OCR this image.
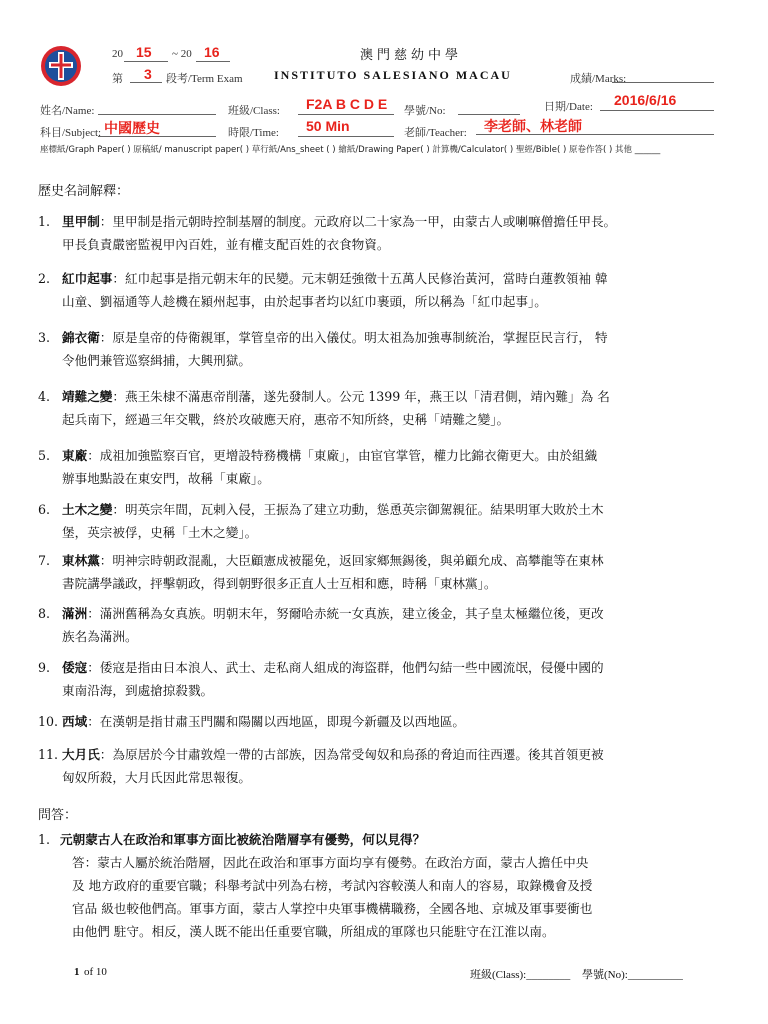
20 15 ~ 20 16	澳門慈幼中學
第 3 段考/Term Exam	INSTITUTO SALESIANO MACAU	成績/Marks:
姓名/Name:	班級/Class: F2A B C D E 學號/No:	日期/Date: 2016/6/16
科目/Subject: 中國歷史	時限/Time: 50 Min	老師/Teacher: 李老師、林老師
座標紙/Graph Paper( ) 原稿紙/ manuscript paper( ) 草行紙/Ans_sheet ( ) 繪紙/Drawing Paper( ) 計算機/Calculator( ) 聖經/Bible( ) 原卷作答( ) 其他 ______
歷史名詞解釋：
1. 里甲制：里甲制是指元朝時控制基層的制度。元政府以二十家為一甲，由蒙古人或喇嘛僧擔任甲長。

甲長負責嚴密監視甲內百姓，並有權支配百姓的衣食物資。

2. 紅巾起事：紅巾起事是指元朝末年的民變。元末朝廷強徵十五萬人民修治黃河，當時白蓮教領袖 韓

山童、劉福通等人趁機在潁州起事，由於起事者均以紅巾裹頭，所以稱為「紅巾起事」。

3. 錦衣衛：原是皇帝的侍衛親軍，掌管皇帝的出入儀仗。明太祖為加強專制統治，掌握臣民言行， 特

令他們兼管巡察緝捕，大興刑獄。

4. 靖難之變：燕王朱棣不滿惠帝削藩，遂先發制人。公元 1399 年，燕王以「清君側，靖內難」為 名

起兵南下，經過三年交戰，終於攻破應天府，惠帝不知所終，史稱「靖難之變」。

5. 東廠：成祖加強監察百官，更增設特務機構「東廠」，由宦官掌管，權力比錦衣衛更大。由於組織

辦事地點設在東安門，故稱「東廠」。

6. 土木之變：明英宗年間，瓦剌入侵，王振為了建立功動，慫恿英宗御駕親征。結果明軍大敗於土木

堡，英宗被俘，史稱「土木之變」。

7. 東林黨：明神宗時朝政混亂，大臣顧憲成被罷免，返回家鄉無錫後，與弟顧允成、高攀龍等在東林

書院講學議政，抨擊朝政，得到朝野很多正直人士互相和應，時稱「東林黨」。

8. 滿洲：滿洲舊稱為女真族。明朝末年，努爾哈赤統一女真族，建立後金，其子皇太極繼位後，更改

族名為滿洲。

9. 倭寇：倭寇是指由日本浪人、武士、走私商人組成的海盜群，他們勾結一些中國流氓，侵優中國的

東南沿海，到處搶掠殺戮。

10. 西域：在漢朝是指甘肅玉門關和陽關以西地區，即現今新疆及以西地區。

11. 大月氏：為原居於今甘肅敦煌一帶的古部族，因為常受匈奴和烏孫的脅迫而往西遷。後其首領更被

匈奴所殺，大月氏因此常思報復。

問答：
1. 元朝蒙古人在政治和軍事方面比被統治階層享有優勢，何以見得？
答：蒙古人屬於統治階層，因此在政治和軍事方面均享有優勢。在政治方面，蒙古人擔任中央
及 地方政府的重要官職；科舉考試中列為右榜，考試內容較漢人和南人的容易，取錄機會及授
官品 級也較他們高。軍事方面，蒙古人掌控中央軍事機構職務，全國各地、京城及軍事要衝也
由他們 駐守。相反，漢人既不能出任重要官職，所組成的軍隊也只能駐守在江淮以南。
1 of 10	班級(Class):________ 學號(No):__________
